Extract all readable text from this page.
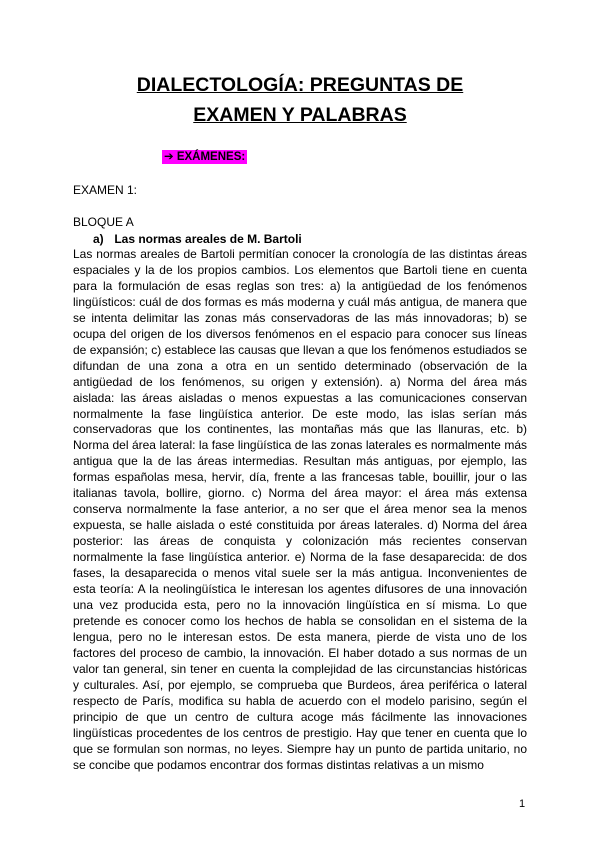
DIALECTOLOGÍA: PREGUNTAS DE
EXAMEN Y PALABRAS
➔ EXÁMENES:
EXAMEN 1:
BLOQUE A
a) Las normas areales de M. Bartoli

Las normas areales de Bartoli permitían conocer la cronología de las distintas áreas espaciales y la de los propios cambios. Los elementos que Bartoli tiene en cuenta para la formulación de esas reglas son tres: a) la antigüedad de los fenómenos lingüísticos: cuál de dos formas es más moderna y cuál más antigua, de manera que se intenta delimitar las zonas más conservadoras de las más innovadoras; b) se ocupa del origen de los diversos fenómenos en el espacio para conocer sus líneas de expansión; c) establece las causas que llevan a que los fenómenos estudiados se difundan de una zona a otra en un sentido determinado (observación de la antigüedad de los fenómenos, su origen y extensión). a) Norma del área más aislada: las áreas aisladas o menos expuestas a las comunicaciones conservan normalmente la fase lingüística anterior. De este modo, las islas serían más conservadoras que los continentes, las montañas más que las llanuras, etc. b) Norma del área lateral: la fase lingüística de las zonas laterales es normalmente más antigua que la de las áreas intermedias. Resultan más antiguas, por ejemplo, las formas españolas mesa, hervir, día, frente a las francesas table, bouillir, jour o las italianas tavola, bollire, giorno. c) Norma del área mayor: el área más extensa conserva normalmente la fase anterior, a no ser que el área menor sea la menos expuesta, se halle aislada o esté constituida por áreas laterales. d) Norma del área posterior: las áreas de conquista y colonización más recientes conservan normalmente la fase lingüística anterior. e) Norma de la fase desaparecida: de dos fases, la desaparecida o menos vital suele ser la más antigua. Inconvenientes de esta teoría: A la neolingüística le interesan los agentes difusores de una innovación una vez producida esta, pero no la innovación lingüística en sí misma. Lo que pretende es conocer como los hechos de habla se consolidan en el sistema de la lengua, pero no le interesan estos. De esta manera, pierde de vista uno de los factores del proceso de cambio, la innovación. El haber dotado a sus normas de un valor tan general, sin tener en cuenta la complejidad de las circunstancias históricas y culturales. Así, por ejemplo, se comprueba que Burdeos, área periférica o lateral respecto de París, modifica su habla de acuerdo con el modelo parisino, según el principio de que un centro de cultura acoge más fácilmente las innovaciones lingüísticas procedentes de los centros de prestigio. Hay que tener en cuenta que lo que se formulan son normas, no leyes. Siempre hay un punto de partida unitario, no se concibe que podamos encontrar dos formas distintas relativas a un mismo

1
